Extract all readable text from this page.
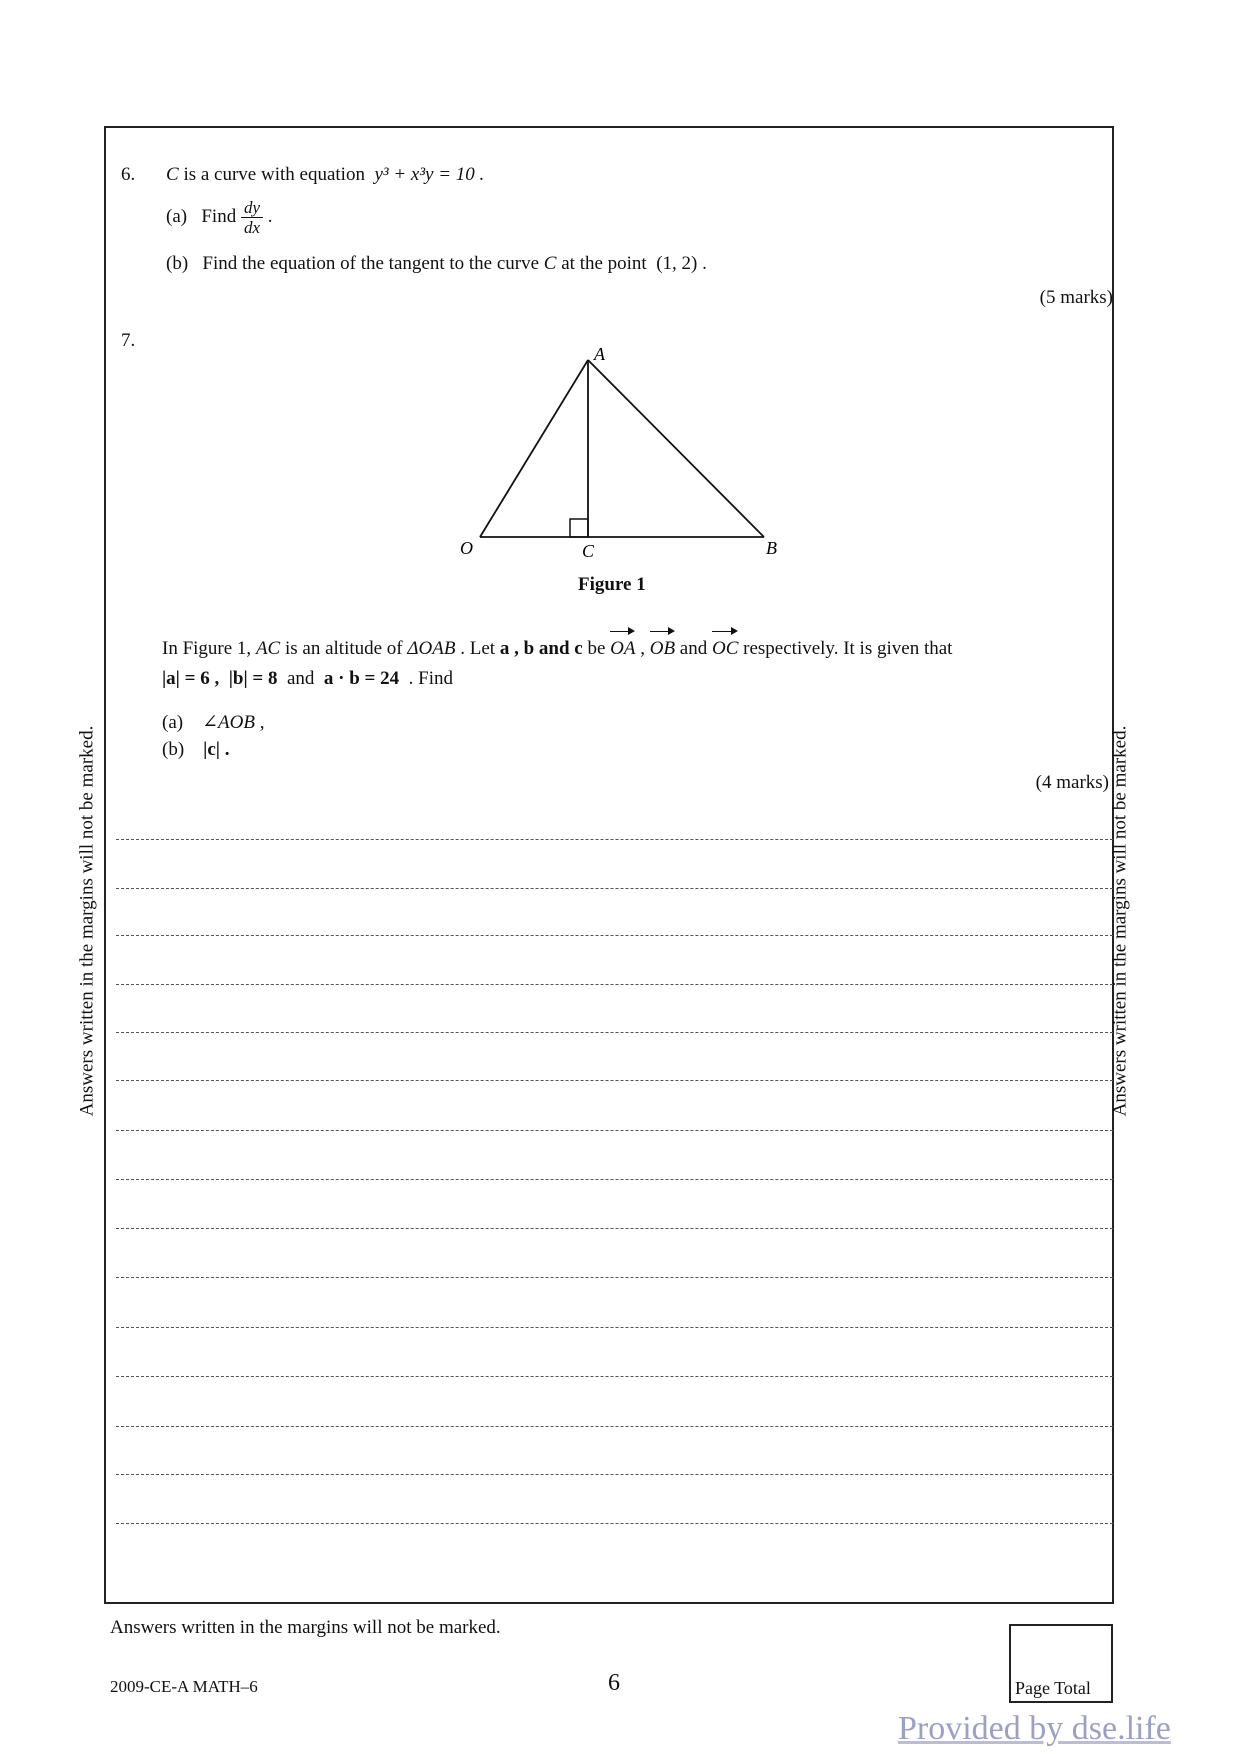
6. C is a curve with equation y³ + x³y = 10 .
(a) Find $\frac{dy}{dx}$ .
(b) Find the equation of the tangent to the curve C at the point (1, 2) .
(5 marks)
7.
A
O	C	B
Figure 1
In Figure 1, AC is an altitude of ΔOAB . Let a , b and c be OA , OB and OC respectively. It is given that
|a| = 6 , |b| = 8 and a · b = 24 . Find
(a) ∠AOB ,
(b) |c| .
(4 marks)
Answers written in the margins will not be marked.	Answers written in the margins will not be marked.
Answers written in the margins will not be marked.
2009-CE-A MATH–6	6	Page Total
Provided by dse.life
